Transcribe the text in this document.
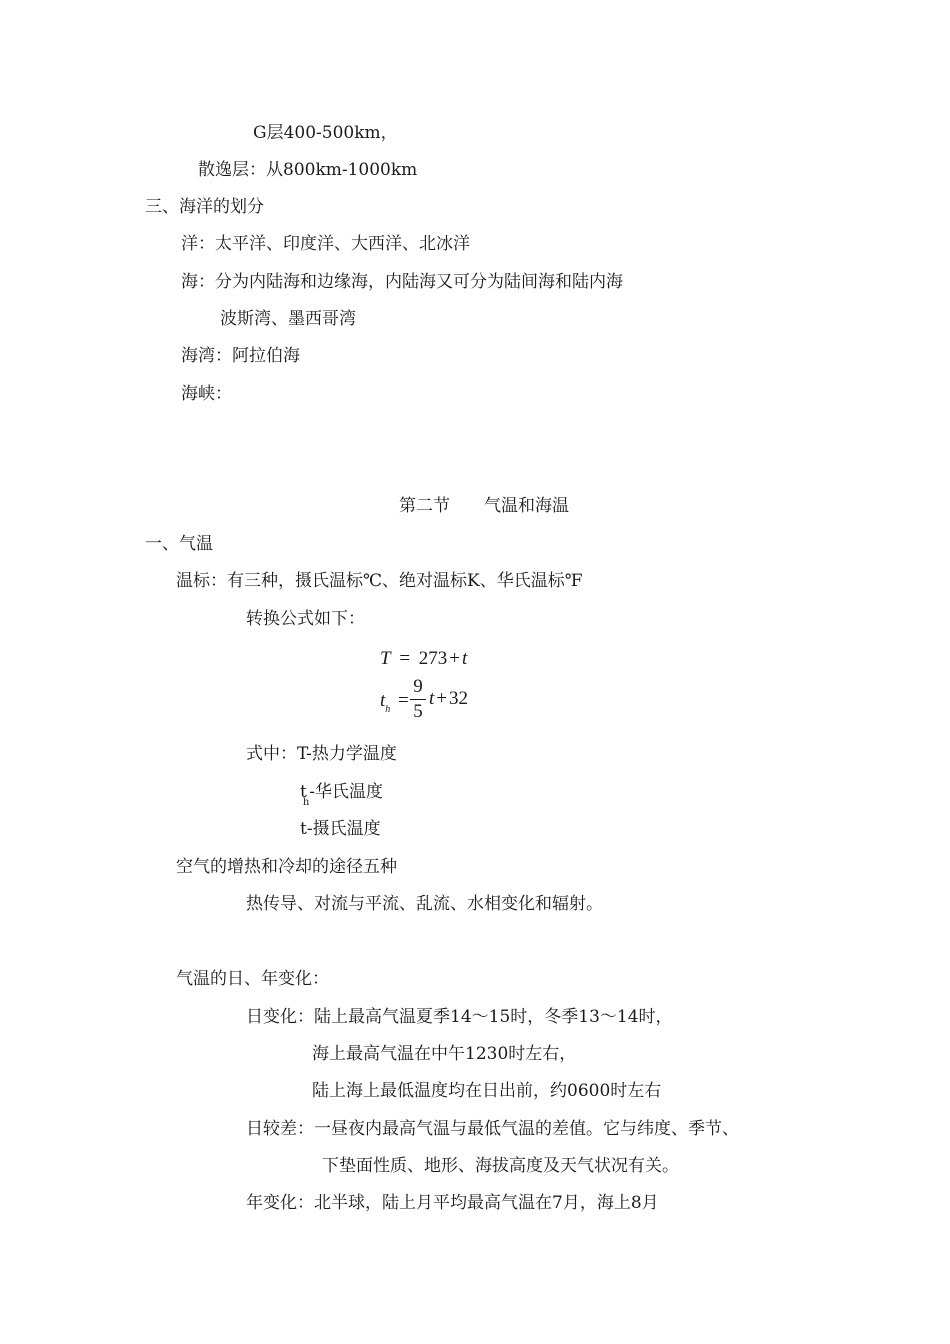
G层400-500km，
散逸层：从800km-1000km
三、海洋的划分
洋：太平洋、印度洋、大西洋、北冰洋
海：分为内陆海和边缘海，内陆海又可分为陆间海和陆内海
波斯湾、墨西哥湾
海湾：阿拉伯海
海峡：
第二节　　气温和海温
一、气温
温标：有三种，摄氏温标℃、绝对温标K、华氏温标℉
转换公式如下：
T = 273 + t
$t_h$ =
9
5
t + 32
式中：T-热力学温度
$t_h-$华氏温度
t-摄氏温度
空气的增热和冷却的途径五种
热传导、对流与平流、乱流、水相变化和辐射。
气温的日、年变化：
日变化：陆上最高气温夏季14～15时，冬季13～14时，
海上最高气温在中午1230时左右，
陆上海上最低温度均在日出前，约0600时左右
日较差：一昼夜内最高气温与最低气温的差值。它与纬度、季节、
下垫面性质、地形、海拔高度及天气状况有关。
年变化：北半球，陆上月平均最高气温在7月，海上8月
